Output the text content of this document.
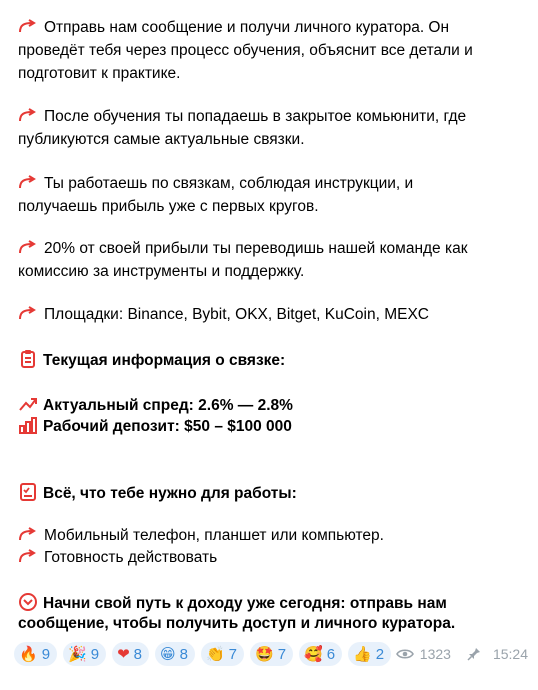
Отправь нам сообщение и получи личного куратора. Он
проведёт тебя через процесс обучения, объяснит все детали и
подготовит к практике.
После обучения ты попадаешь в закрытое комьюнити, где
публикуются самые актуальные связки.
Ты работаешь по связкам, соблюдая инструкции, и
получаешь прибыль уже с первых кругов.
20% от своей прибыли ты переводишь нашей команде как
комиссию за инструменты и поддержку.
Площадки: Binance, Bybit, OKX, Bitget, KuCoin, MEXC
Текущая информация о связке:
Актуальный спред: 2.6% — 2.8%
Рабочий депозит: $50 – $100 000
Всё, что тебе нужно для работы:
Мобильный телефон, планшет или компьютер.
Готовность действовать
Начни свой путь к доходу уже сегодня: отправь нам
сообщение, чтобы получить доступ и личного куратора.
🔥 9 🎉 9 ❤ 8 😁 8 👏 7 🤩 7 🥰 6 👍 2	1323	15:24
